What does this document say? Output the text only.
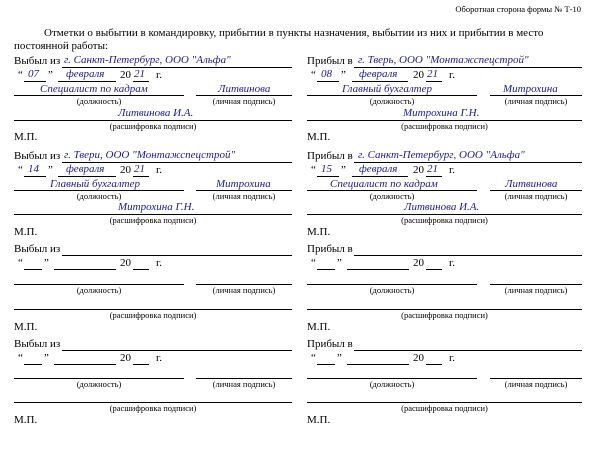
Оборотная сторона формы № Т-10
Отметки о выбытии в командировку, прибытии в пункты назначения, выбытии из них и прибытии в место
постоянной работы:
Выбыл из г. Санкт-Петербург, ООО "Альфа"
“ 07 ” февраля 20 21 г.
Специалист по кадрам	Литвинова
(должность)	(личная подпись)
Литвинова И.А.
(расшифровка подписи)
М.П.
Прибыл в г. Тверь, ООО "Монтажспецстрой"
“ 08 ” февраля 20 21 г.
Главный бухгалтер	Митрохина
(должность)	(личная подпись)
Митрохина Г.Н.
(расшифровка подписи)
М.П.
Выбыл из г. Твери, ООО "Монтажспецстрой"
“ 14 ” февраля 20 21 г.
Главный бухгалтер	Митрохина
(должность)	(личная подпись)
Митрохина Г.Н.
(расшифровка подписи)
М.П.
Прибыл в г. Санкт-Петербург, ООО "Альфа"
“ 15 ” февраля 20 21 г.
Специалист по кадрам	Литвинова
(должность)	(личная подпись)
Литвинова И.А.
(расшифровка подписи)
М.П.
Выбыл из
“ ”	20 г.
(должность)	(личная подпись)
(расшифровка подписи)
М.П.
Прибыл в
“ ”	20 г.
(должность)	(личная подпись)
(расшифровка подписи)
М.П.
Выбыл из
“ ”	20 г.
(должность)	(личная подпись)
(расшифровка подписи)
М.П.
Прибыл в
“ ”	20 г.
(должность)	(личная подпись)
(расшифровка подписи)
М.П.
